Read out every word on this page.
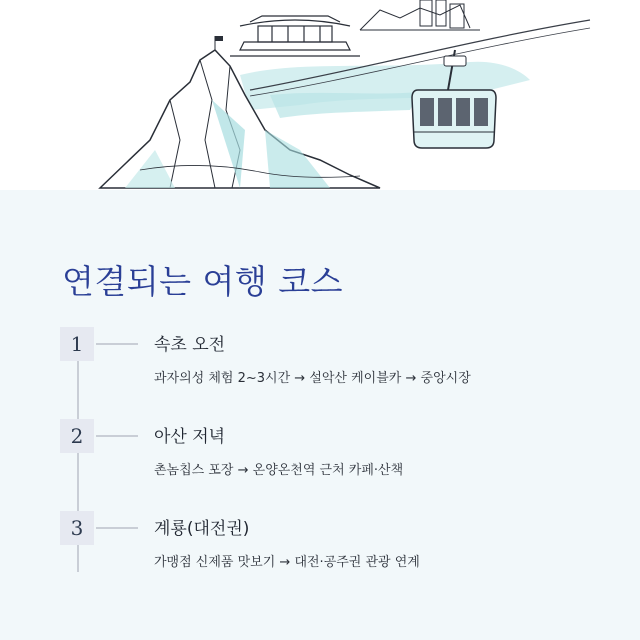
연결되는 여행 코스
1	속초 오전
과자의성 체험 2~3시간 → 설악산 케이블카 → 중앙시장
2	아산 저녁
촌놈칩스 포장 → 온양온천역 근처 카페·산책
3	계룡(대전권)
가맹점 신제품 맛보기 → 대전·공주권 관광 연계
